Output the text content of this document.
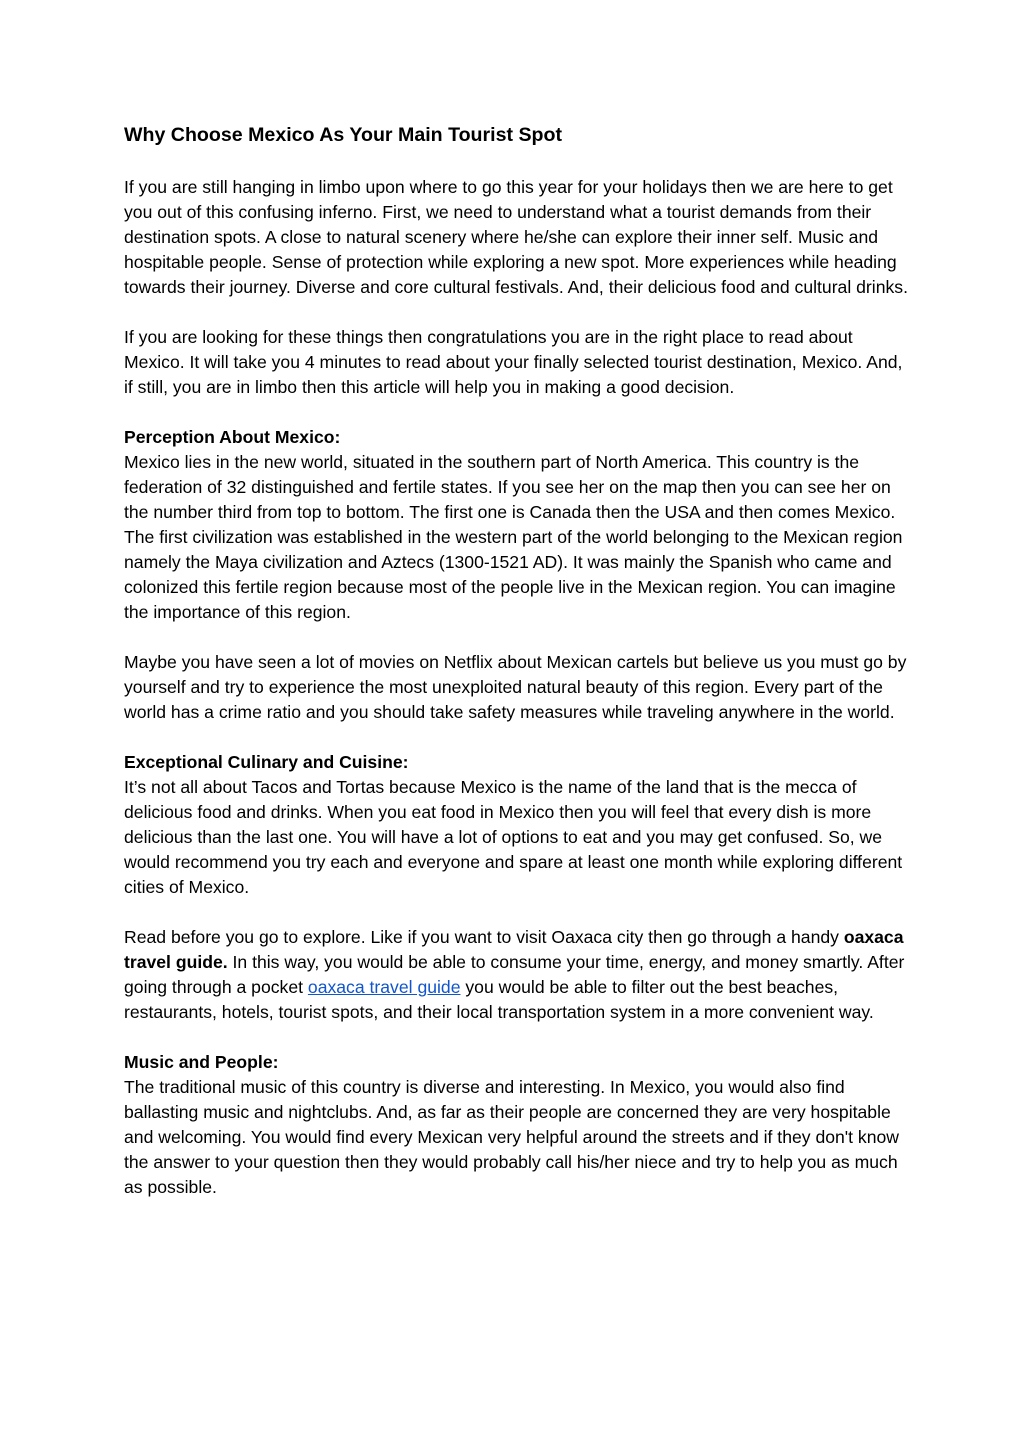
Why Choose Mexico As Your Main Tourist Spot

If you are still hanging in limbo upon where to go this year for your holidays then we are here to get you out of this confusing inferno. First, we need to understand what a tourist demands from their destination spots. A close to natural scenery where he/she can explore their inner self. Music and hospitable people. Sense of protection while exploring a new spot. More experiences while heading towards their journey. Diverse and core cultural festivals. And, their delicious food and cultural drinks.

If you are looking for these things then congratulations you are in the right place to read about Mexico. It will take you 4 minutes to read about your finally selected tourist destination, Mexico. And, if still, you are in limbo then this article will help you in making a good decision.

Perception About Mexico:
Mexico lies in the new world, situated in the southern part of North America. This country is the federation of 32 distinguished and fertile states. If you see her on the map then you can see her on the number third from top to bottom. The first one is Canada then the USA and then comes Mexico. The first civilization was established in the western part of the world belonging to the Mexican region namely the Maya civilization and Aztecs (1300-1521 AD). It was mainly the Spanish who came and colonized this fertile region because most of the people live in the Mexican region. You can imagine the importance of this region.

Maybe you have seen a lot of movies on Netflix about Mexican cartels but believe us you must go by yourself and try to experience the most unexploited natural beauty of this region. Every part of the world has a crime ratio and you should take safety measures while traveling anywhere in the world.

Exceptional Culinary and Cuisine:
It’s not all about Tacos and Tortas because Mexico is the name of the land that is the mecca of delicious food and drinks. When you eat food in Mexico then you will feel that every dish is more delicious than the last one. You will have a lot of options to eat and you may get confused. So, we would recommend you try each and everyone and spare at least one month while exploring different cities of Mexico.

Read before you go to explore. Like if you want to visit Oaxaca city then go through a handy oaxaca travel guide. In this way, you would be able to consume your time, energy, and money smartly. After going through a pocket oaxaca travel guide you would be able to filter out the best beaches, restaurants, hotels, tourist spots, and their local transportation system in a more convenient way.

Music and People:
The traditional music of this country is diverse and interesting. In Mexico, you would also find ballasting music and nightclubs. And, as far as their people are concerned they are very hospitable and welcoming. You would find every Mexican very helpful around the streets and if they don't know the answer to your question then they would probably call his/her niece and try to help you as much as possible.
